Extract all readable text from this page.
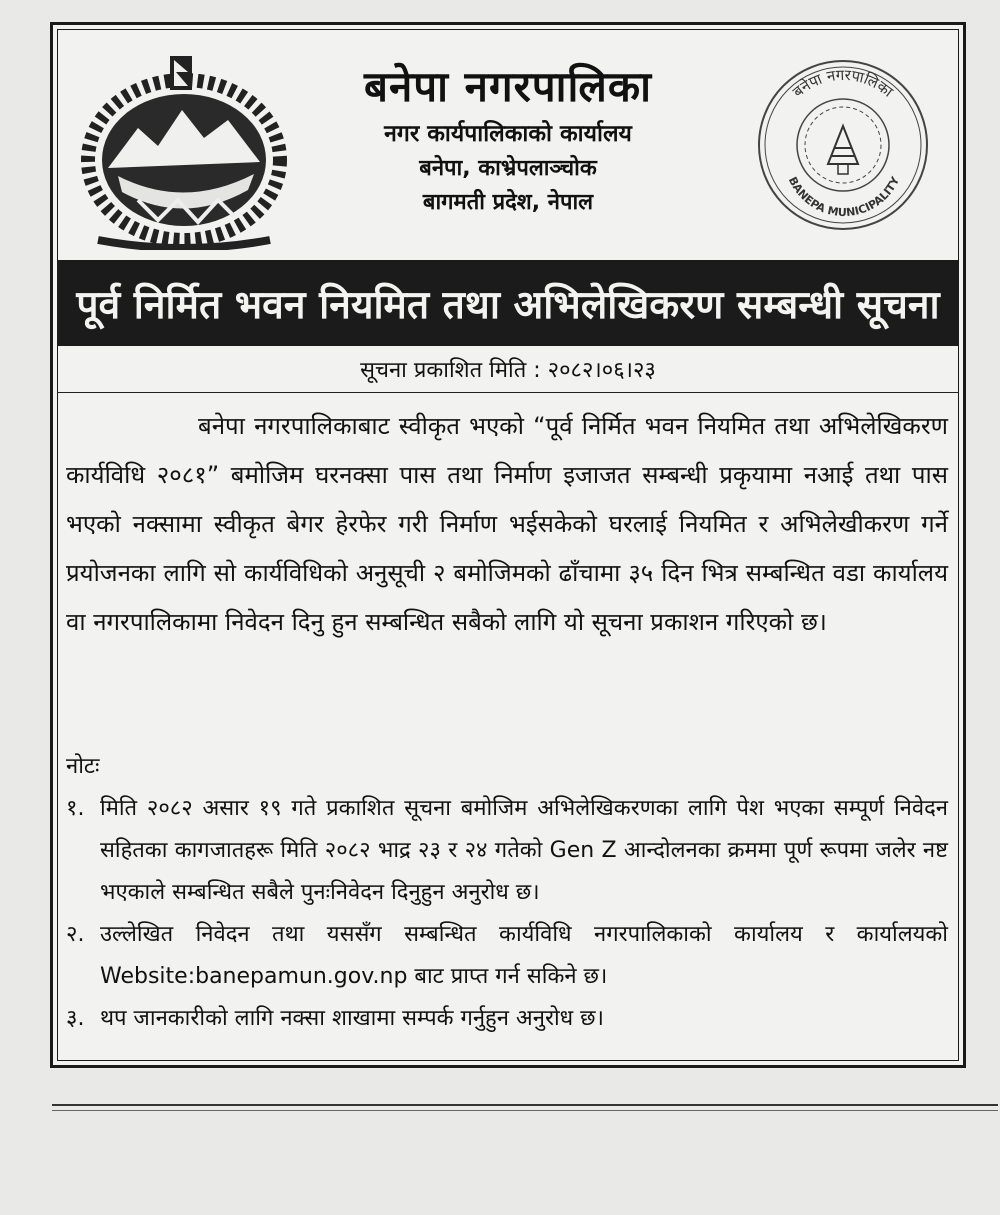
बनेपा नगरपालिका
नगर कार्यपालिकाको कार्यालय
बनेपा, काभ्रेपलाञ्चोक
बागमती प्रदेश, नेपाल
बनेपा नगरपालिका
BANEPA MUNICIPALITY
पूर्व निर्मित भवन नियमित तथा अभिलेखिकरण सम्बन्धी सूचना
सूचना प्रकाशित मिति : २०८२।०६।२३

बनेपा नगरपालिकाबाट स्वीकृत भएको “पूर्व निर्मित भवन नियमित तथा अभिलेखिकरण कार्यविधि २०८१” बमोजिम घरनक्सा पास तथा निर्माण इजाजत सम्बन्धी प्रकृयामा नआई तथा पास भएको नक्सामा स्वीकृत बेगर हेरफेर गरी निर्माण भईसकेको घरलाई नियमित र अभिलेखीकरण गर्ने प्रयोजनका लागि सो कार्यविधिको अनुसूची २ बमोजिमको ढाँचामा ३५ दिन भित्र सम्बन्धित वडा कार्यालय वा नगरपालिकामा निवेदन दिनु हुन सम्बन्धित सबैको लागि यो सूचना प्रकाशन गरिएको छ।

नोटः
१. मिति २०८२ असार १९ गते प्रकाशित सूचना बमोजिम अभिलेखिकरणका लागि पेश भएका सम्पूर्ण निवेदन सहितका कागजातहरू मिति २०८२ भाद्र २३ र २४ गतेको Gen Z आन्दोलनका क्रममा पूर्ण रूपमा जलेर नष्ट भएकाले सम्बन्धित सबैले पुनःनिवेदन दिनुहुन अनुरोध छ।
२. उल्लेखित निवेदन तथा यससँग सम्बन्धित कार्यविधि नगरपालिकाको कार्यालय र कार्यालयको Website:banepamun.gov.np बाट प्राप्त गर्न सकिने छ।
३. थप जानकारीको लागि नक्सा शाखामा सम्पर्क गर्नुहुन अनुरोध छ।
